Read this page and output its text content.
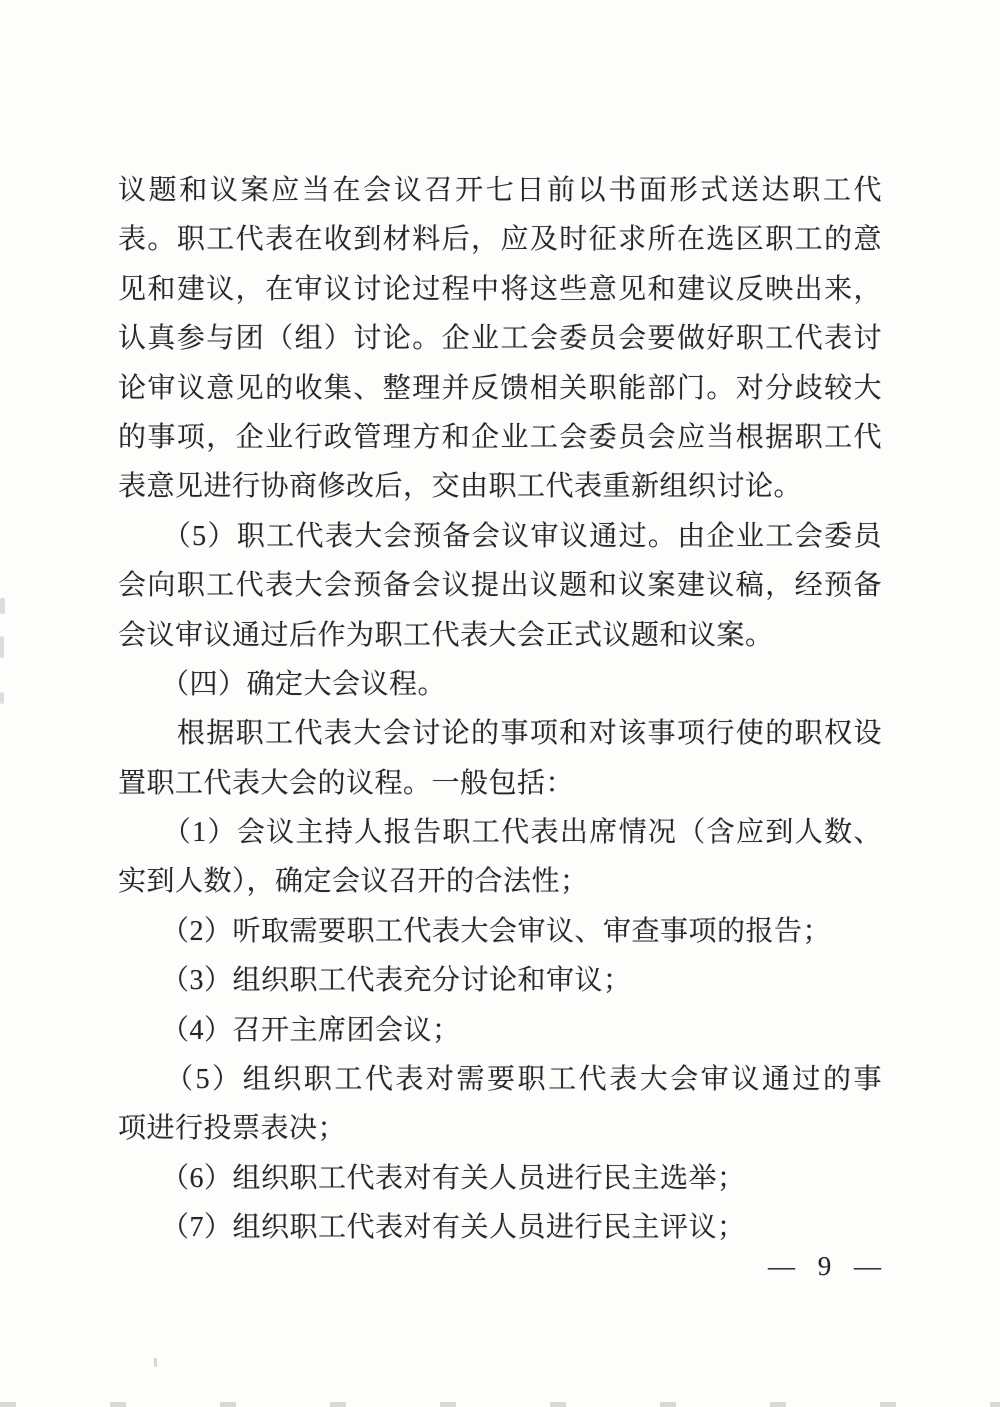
议题和议案应当在会议召开七日前以书面形式送达职工代
表。职工代表在收到材料后，应及时征求所在选区职工的意
见和建议，在审议讨论过程中将这些意见和建议反映出来，
认真参与团（组）讨论。企业工会委员会要做好职工代表讨
论审议意见的收集、整理并反馈相关职能部门。对分歧较大
的事项，企业行政管理方和企业工会委员会应当根据职工代
表意见进行协商修改后，交由职工代表重新组织讨论。
　　（5）职工代表大会预备会议审议通过。由企业工会委员
会向职工代表大会预备会议提出议题和议案建议稿，经预备
会议审议通过后作为职工代表大会正式议题和议案。
　　（四）确定大会议程。
　　根据职工代表大会讨论的事项和对该事项行使的职权设
置职工代表大会的议程。一般包括：
　　（1）会议主持人报告职工代表出席情况（含应到人数、
实到人数），确定会议召开的合法性；
　　（2）听取需要职工代表大会审议、审查事项的报告；
　　（3）组织职工代表充分讨论和审议；
　　（4）召开主席团会议；
　　（5）组织职工代表对需要职工代表大会审议通过的事
项进行投票表决；
　　（6）组织职工代表对有关人员进行民主选举；
　　（7）组织职工代表对有关人员进行民主评议；
— 9 —
